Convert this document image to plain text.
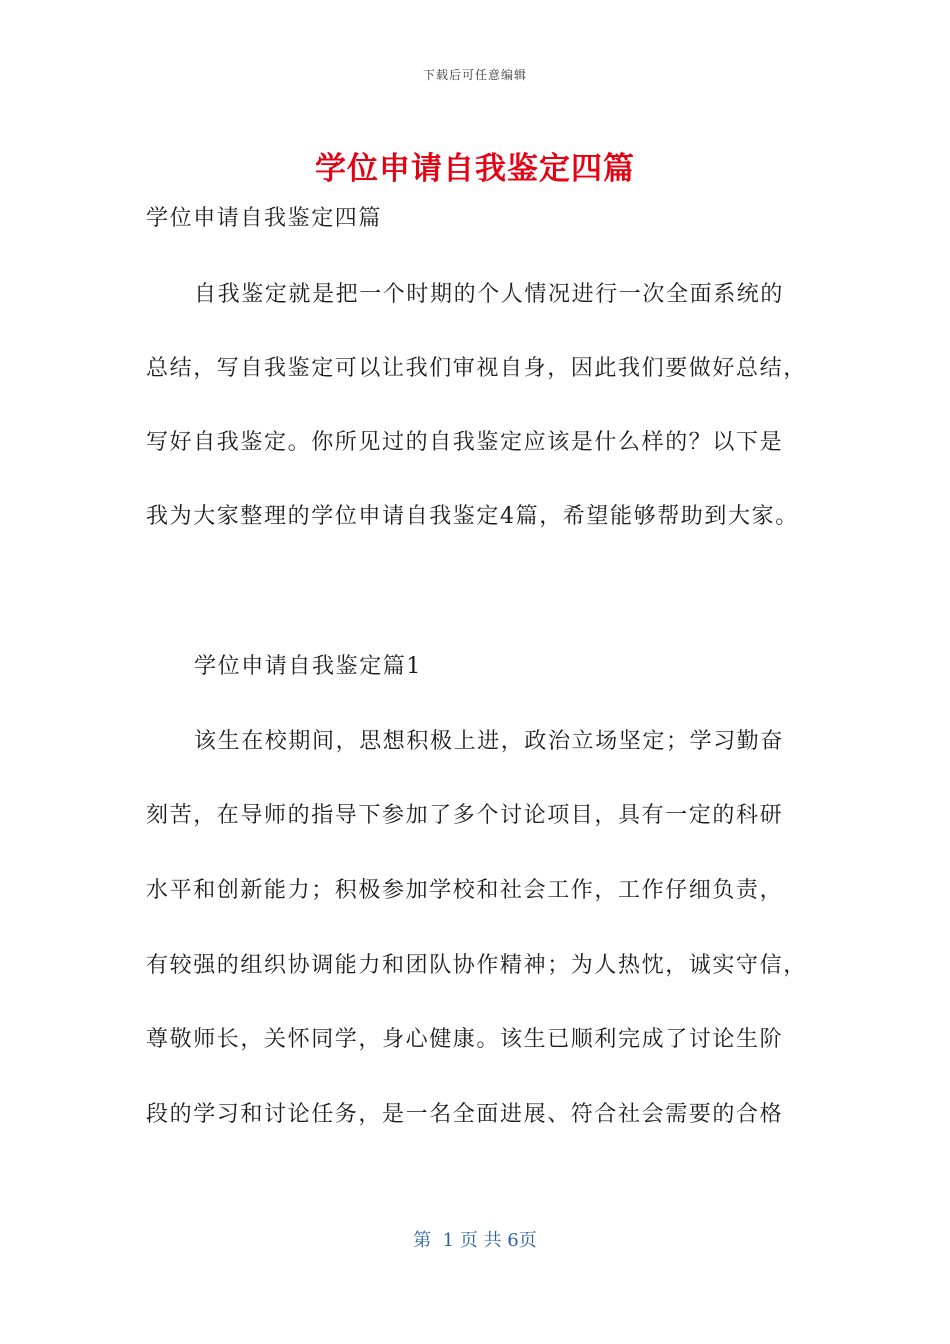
下载后可任意编辑
学位申请自我鉴定四篇
学位申请自我鉴定四篇
自我鉴定就是把一个时期的个人情况进行一次全面系统的
总结，写自我鉴定可以让我们审视自身，因此我们要做好总结，
写好自我鉴定。你所见过的自我鉴定应该是什么样的？以下是
我为大家整理的学位申请自我鉴定4篇，希望能够帮助到大家。
学位申请自我鉴定篇1
该生在校期间，思想积极上进，政治立场坚定；学习勤奋
刻苦，在导师的指导下参加了多个讨论项目，具有一定的科研
水平和创新能力；积极参加学校和社会工作，工作仔细负责，
有较强的组织协调能力和团队协作精神；为人热忱，诚实守信，
尊敬师长，关怀同学，身心健康。该生已顺利完成了讨论生阶
段的学习和讨论任务，是一名全面进展、符合社会需要的合格
第  1 页 共 6页
